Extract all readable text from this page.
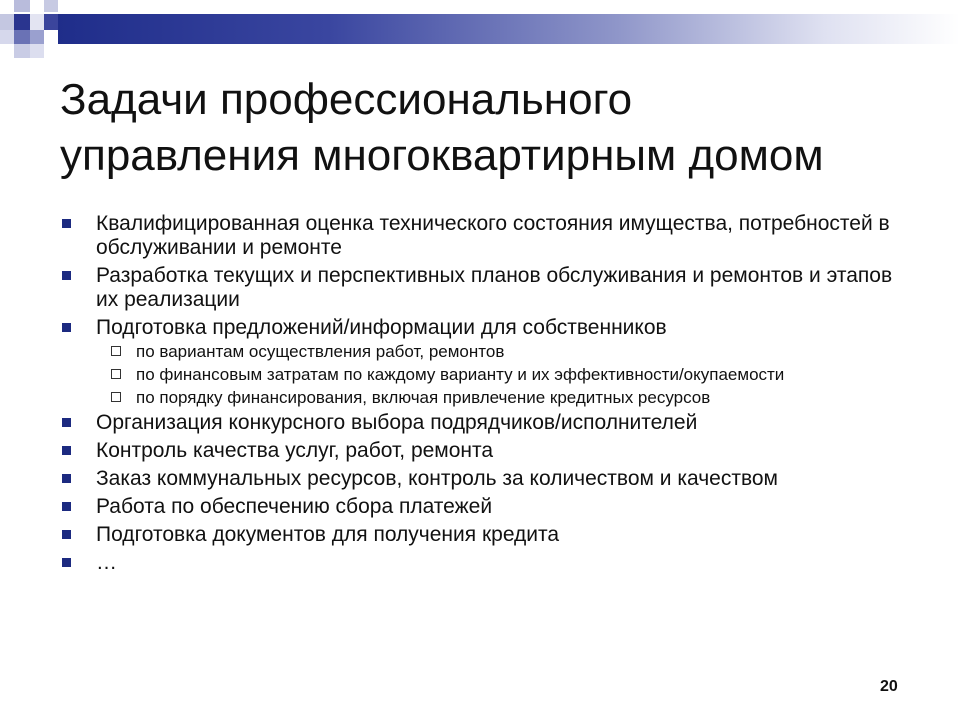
Задачи профессионального
управления многоквартирным домом
Квалифицированная оценка технического состояния имущества, потребностей в обслуживании и ремонте
Разработка текущих и перспективных планов обслуживания и ремонтов и этапов их реализации
Подготовка предложений/информации для собственников
по вариантам осуществления работ, ремонтов
по финансовым затратам по каждому варианту и их эффективности/окупаемости
по порядку финансирования, включая привлечение кредитных ресурсов
Организация конкурсного выбора подрядчиков/исполнителей
Контроль качества услуг, работ, ремонта
Заказ коммунальных ресурсов, контроль за количеством и качеством
Работа по обеспечению сбора платежей
Подготовка документов для получения кредита
…
20
